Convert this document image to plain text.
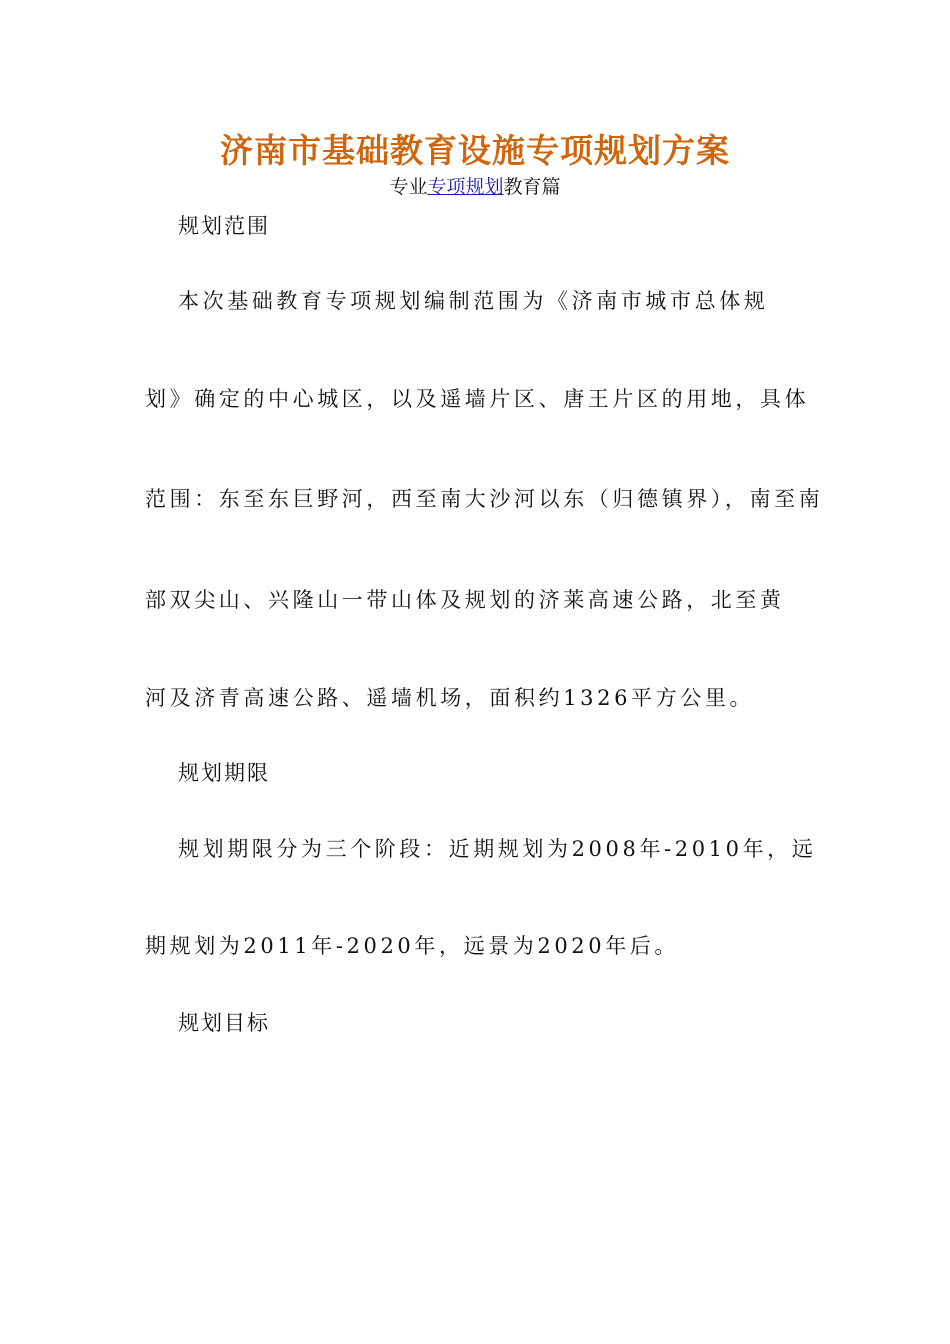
济南市基础教育设施专项规划方案
专业专项规划教育篇
规划范围
本次基础教育专项规划编制范围为《济南市城市总体规
划》确定的中心城区，以及遥墙片区、唐王片区的用地，具体
范围：东至东巨野河，西至南大沙河以东（归德镇界），南至南
部双尖山、兴隆山一带山体及规划的济莱高速公路，北至黄
河及济青高速公路、遥墙机场，面积约1326平方公里。
规划期限
规划期限分为三个阶段：近期规划为2008年-2010年，远
期规划为2011年-2020年，远景为2020年后。
规划目标
